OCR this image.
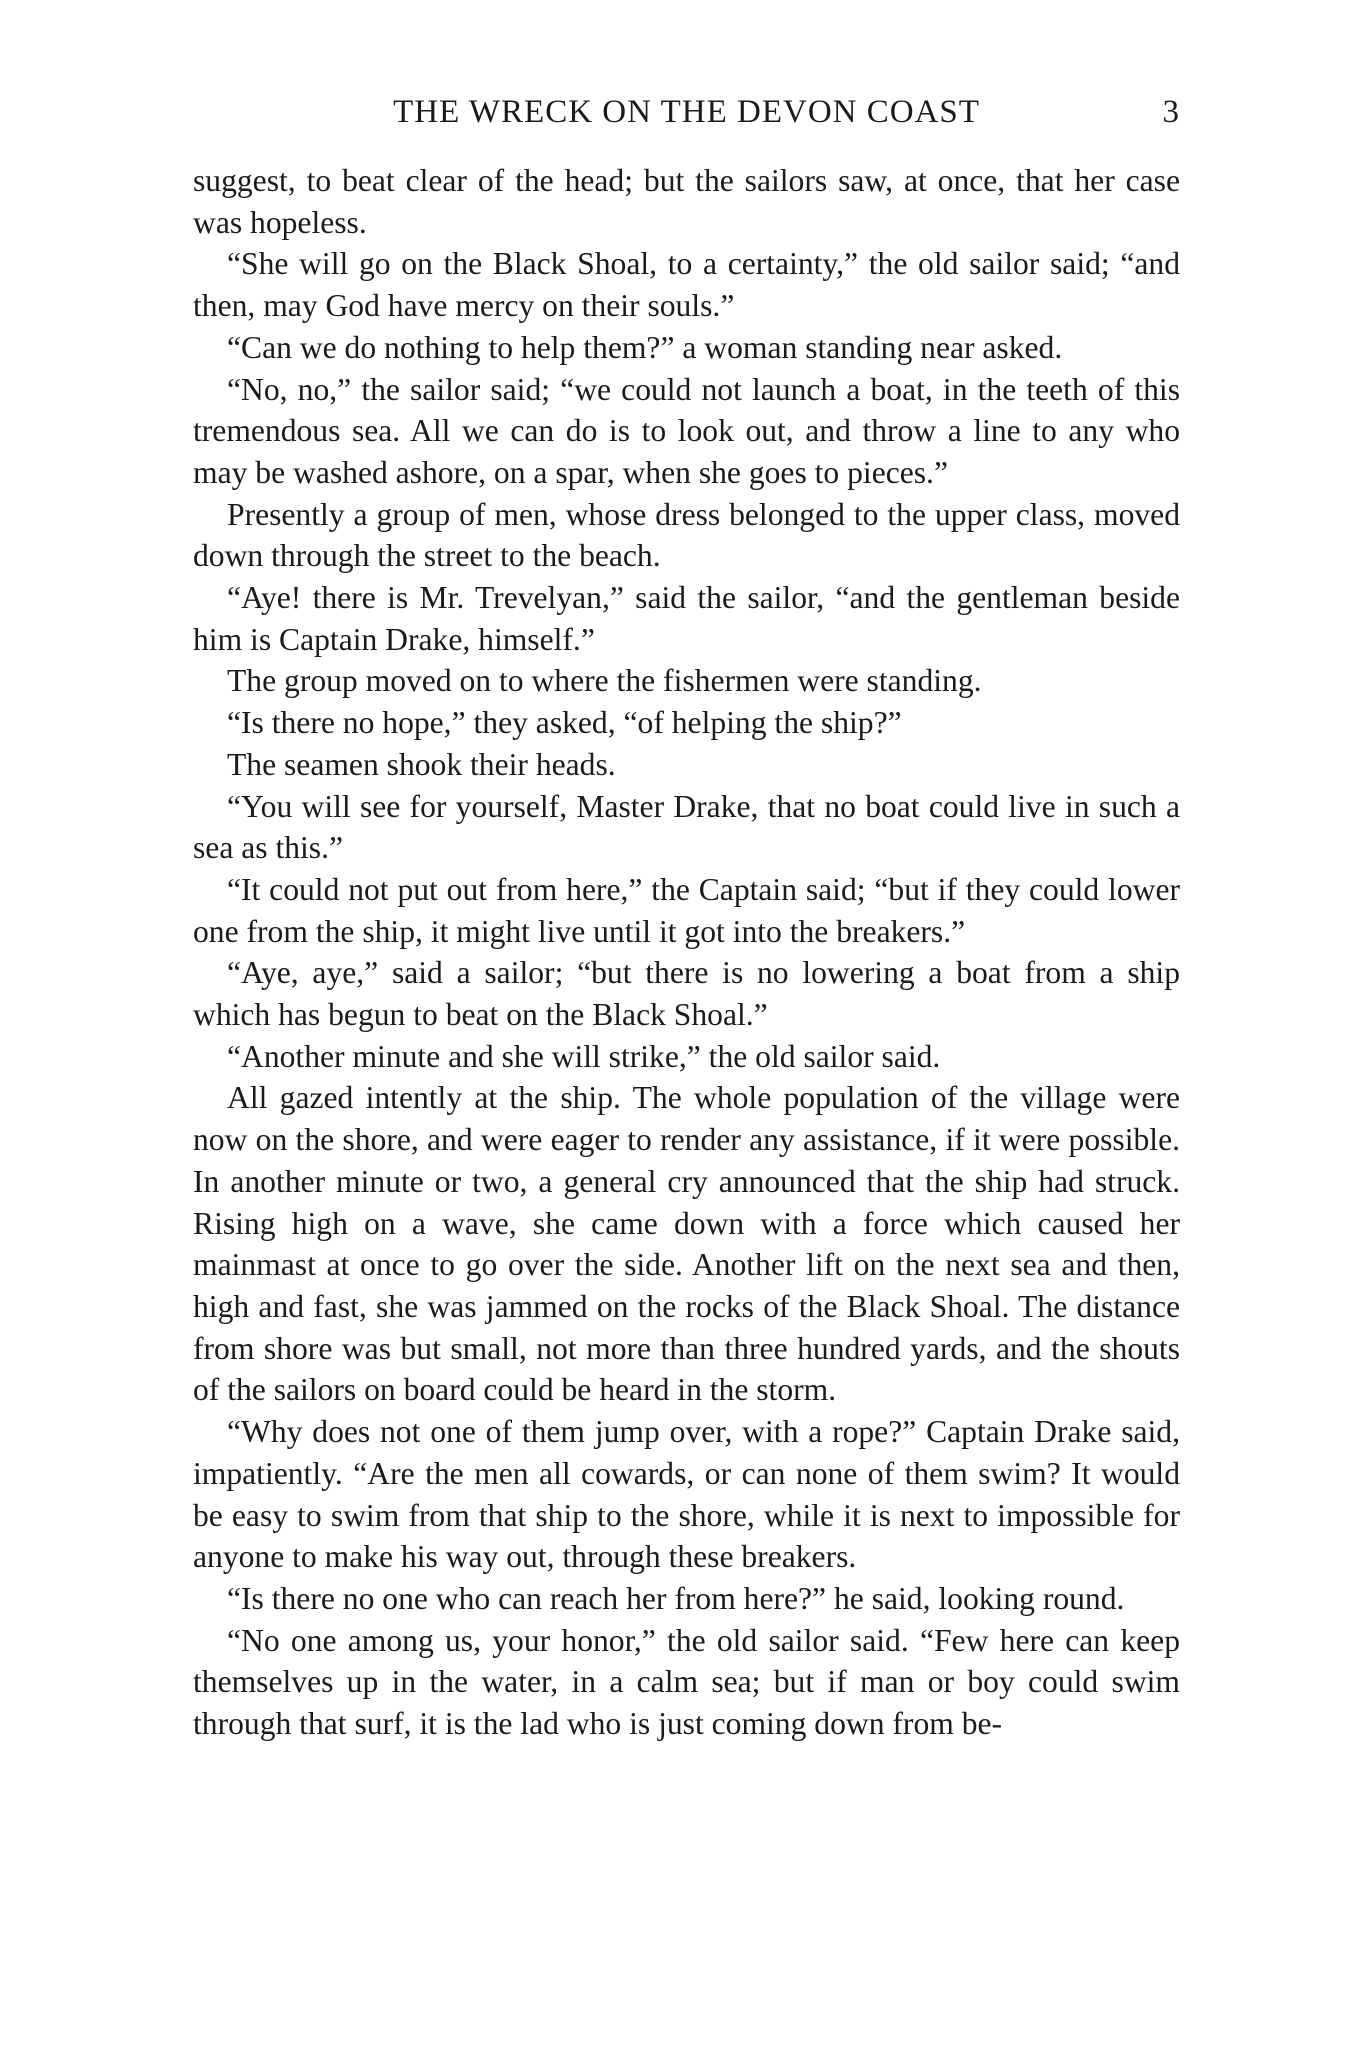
THE WRECK ON THE DEVON COAST	3

suggest, to beat clear of the head; but the sailors saw, at once, that her case was hopeless.

“She will go on the Black Shoal, to a certainty,” the old sailor said; “and then, may God have mercy on their souls.”

“Can we do nothing to help them?” a woman standing near asked.

“No, no,” the sailor said; “we could not launch a boat, in the teeth of this tremendous sea. All we can do is to look out, and throw a line to any who may be washed ashore, on a spar, when she goes to pieces.”

Presently a group of men, whose dress belonged to the upper class, moved down through the street to the beach.

“Aye! there is Mr. Trevelyan,” said the sailor, “and the gentleman beside him is Captain Drake, himself.”

The group moved on to where the fishermen were standing.

“Is there no hope,” they asked, “of helping the ship?”

The seamen shook their heads.

“You will see for yourself, Master Drake, that no boat could live in such a sea as this.”

“It could not put out from here,” the Captain said; “but if they could lower one from the ship, it might live until it got into the breakers.”

“Aye, aye,” said a sailor; “but there is no lowering a boat from a ship which has begun to beat on the Black Shoal.”

“Another minute and she will strike,” the old sailor said.

All gazed intently at the ship. The whole population of the village were now on the shore, and were eager to render any assistance, if it were possible. In another minute or two, a general cry announced that the ship had struck. Rising high on a wave, she came down with a force which caused her mainmast at once to go over the side. Another lift on the next sea and then, high and fast, she was jammed on the rocks of the Black Shoal. The distance from shore was but small, not more than three hundred yards, and the shouts of the sailors on board could be heard in the storm.

“Why does not one of them jump over, with a rope?” Captain Drake said, impatiently. “Are the men all cowards, or can none of them swim? It would be easy to swim from that ship to the shore, while it is next to impossible for anyone to make his way out, through these breakers.

“Is there no one who can reach her from here?” he said, looking round.

“No one among us, your honor,” the old sailor said. “Few here can keep themselves up in the water, in a calm sea; but if man or boy could swim through that surf, it is the lad who is just coming down from be-
